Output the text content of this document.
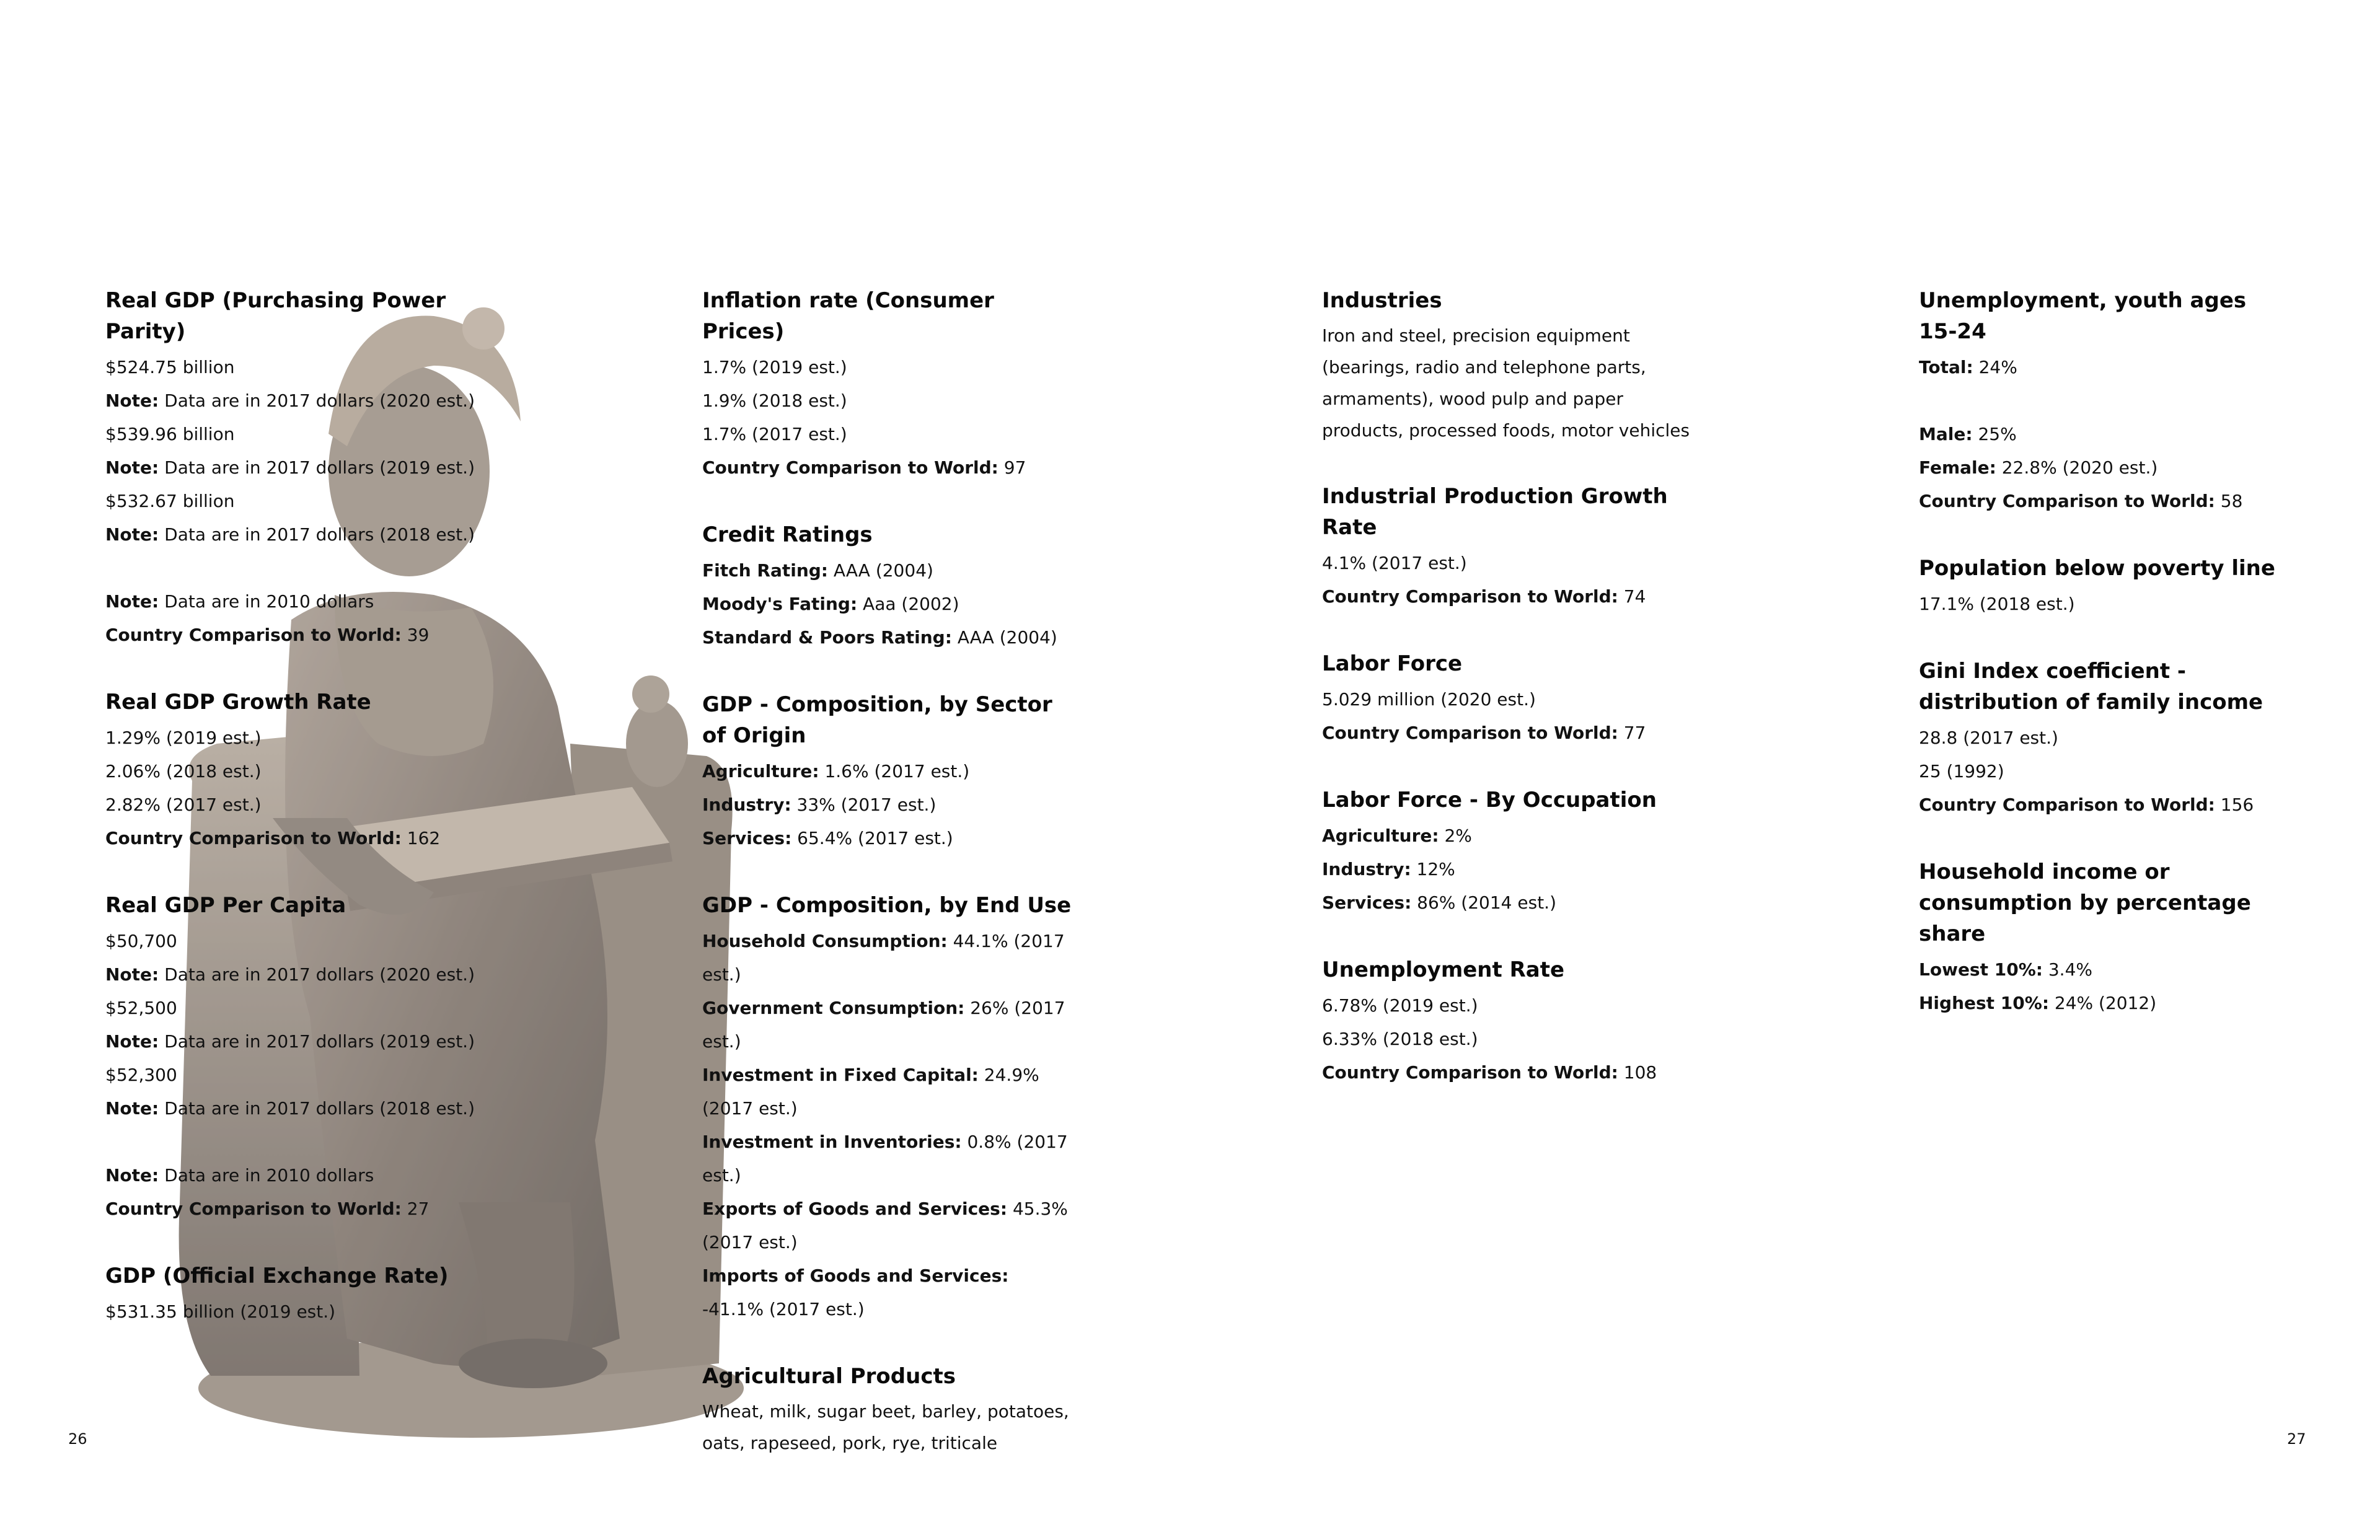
Real GDP (Purchasing Power Parity)

$524.75 billion

Note: Data are in 2017 dollars (2020 est.)

$539.96 billion

Note: Data are in 2017 dollars (2019 est.)

$532.67 billion

Note: Data are in 2017 dollars (2018 est.)

Note: Data are in 2010 dollars

Country Comparison to World: 39

Real GDP Growth Rate

1.29% (2019 est.)

2.06% (2018 est.)

2.82% (2017 est.)

Country Comparison to World: 162

Real GDP Per Capita

$50,700

Note: Data are in 2017 dollars (2020 est.)

$52,500

Note: Data are in 2017 dollars (2019 est.)

$52,300

Note: Data are in 2017 dollars (2018 est.)

Note: Data are in 2010 dollars

Country Comparison to World: 27

GDP (Official Exchange Rate)

$531.35 billion (2019 est.)

Inflation rate (Consumer Prices)

1.7% (2019 est.)

1.9% (2018 est.)

1.7% (2017 est.)

Country Comparison to World: 97

Credit Ratings

Fitch Rating: AAA (2004)

Moody's Fating: Aaa (2002)

Standard & Poors Rating: AAA (2004)

GDP - Composition, by Sector of Origin

Agriculture: 1.6% (2017 est.)

Industry: 33% (2017 est.)

Services: 65.4% (2017 est.)

GDP - Composition, by End Use

Household Consumption: 44.1% (2017 est.)

Government Consumption: 26% (2017 est.)

Investment in Fixed Capital: 24.9% (2017 est.)

Investment in Inventories: 0.8% (2017 est.)

Exports of Goods and Services: 45.3% (2017 est.)

Imports of Goods and Services: -41.1% (2017 est.)

Agricultural Products

Wheat, milk, sugar beet, barley, potatoes, oats, rapeseed, pork, rye, triticale

Industries

Iron and steel, precision equipment (bearings, radio and telephone parts, armaments), wood pulp and paper products, processed foods, motor vehicles

Industrial Production Growth Rate

4.1% (2017 est.)

Country Comparison to World: 74

Labor Force

5.029 million (2020 est.)

Country Comparison to World: 77

Labor Force - By Occupation

Agriculture: 2%

Industry: 12%

Services: 86% (2014 est.)

Unemployment Rate

6.78% (2019 est.)

6.33% (2018 est.)

Country Comparison to World: 108

Unemployment, youth ages 15-24

Total: 24%

Male: 25%

Female: 22.8% (2020 est.)

Country Comparison to World: 58

Population below poverty line

17.1% (2018 est.)

Gini Index coefficient - distribution of family income

28.8 (2017 est.)

25 (1992)

Country Comparison to World: 156

Household income or consumption by percentage share

Lowest 10%: 3.4%

Highest 10%: 24% (2012)

26	27
